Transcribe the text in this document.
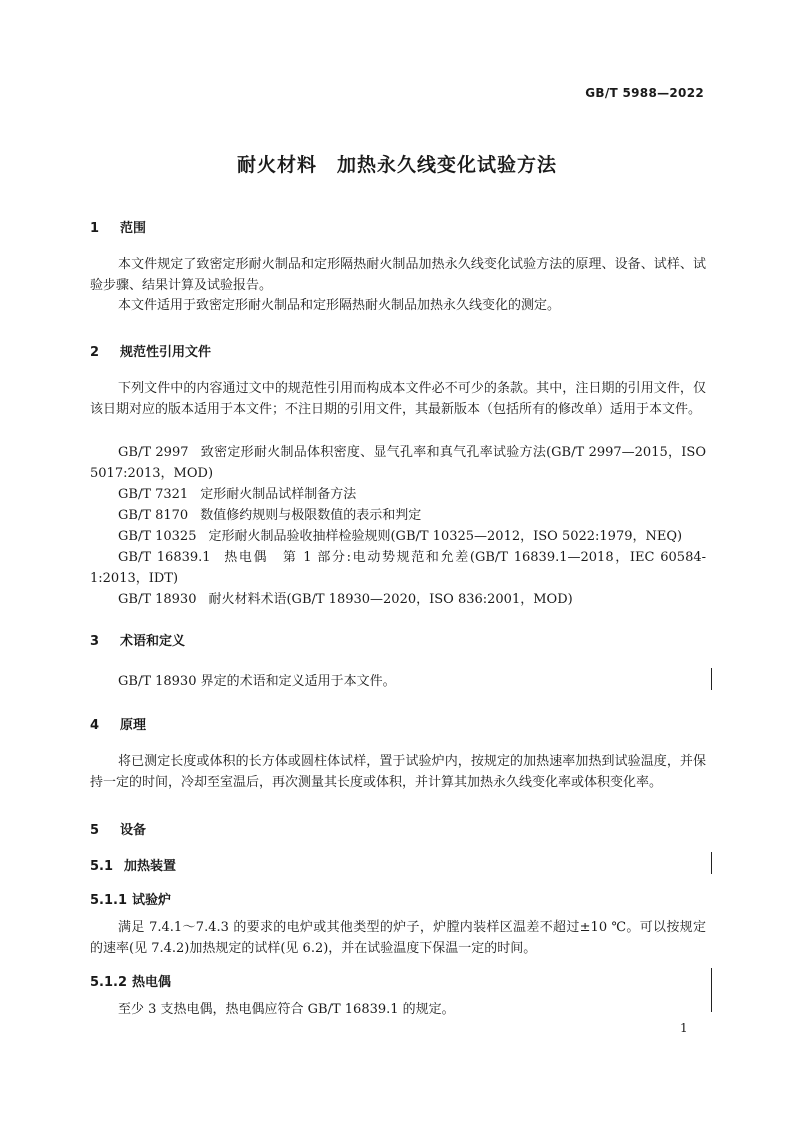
GB/T 5988—2022
耐火材料　加热永久线变化试验方法
1 范围
本文件规定了致密定形耐火制品和定形隔热耐火制品加热永久线变化试验方法的原理、设备、试样、试验步骤、结果计算及试验报告。
本文件适用于致密定形耐火制品和定形隔热耐火制品加热永久线变化的测定。
2 规范性引用文件
下列文件中的内容通过文中的规范性引用而构成本文件必不可少的条款。其中，注日期的引用文件，仅该日期对应的版本适用于本文件；不注日期的引用文件，其最新版本（包括所有的修改单）适用于本文件。
GB/T 2997 致密定形耐火制品体积密度、显气孔率和真气孔率试验方法(GB/T 2997—2015，ISO 5017:2013，MOD)
GB/T 7321 定形耐火制品试样制备方法
GB/T 8170 数值修约规则与极限数值的表示和判定
GB/T 10325 定形耐火制品验收抽样检验规则(GB/T 10325—2012，ISO 5022:1979，NEQ)
GB/T 16839.1 热电偶　第 1 部分:电动势规范和允差(GB/T 16839.1—2018，IEC 60584-1:2013，IDT)
GB/T 18930 耐火材料术语(GB/T 18930—2020，ISO 836:2001，MOD)
3 术语和定义
GB/T 18930 界定的术语和定义适用于本文件。
4 原理
将已测定长度或体积的长方体或圆柱体试样，置于试验炉内，按规定的加热速率加热到试验温度，并保持一定的时间，冷却至室温后，再次测量其长度或体积，并计算其加热永久线变化率或体积变化率。
5 设备
5.1 加热装置
5.1.1 试验炉
满足 7.4.1～7.4.3 的要求的电炉或其他类型的炉子，炉膛内装样区温差不超过±10 ℃。可以按规定的速率(见 7.4.2)加热规定的试样(见 6.2)，并在试验温度下保温一定的时间。
5.1.2 热电偶
至少 3 支热电偶，热电偶应符合 GB/T 16839.1 的规定。
1
